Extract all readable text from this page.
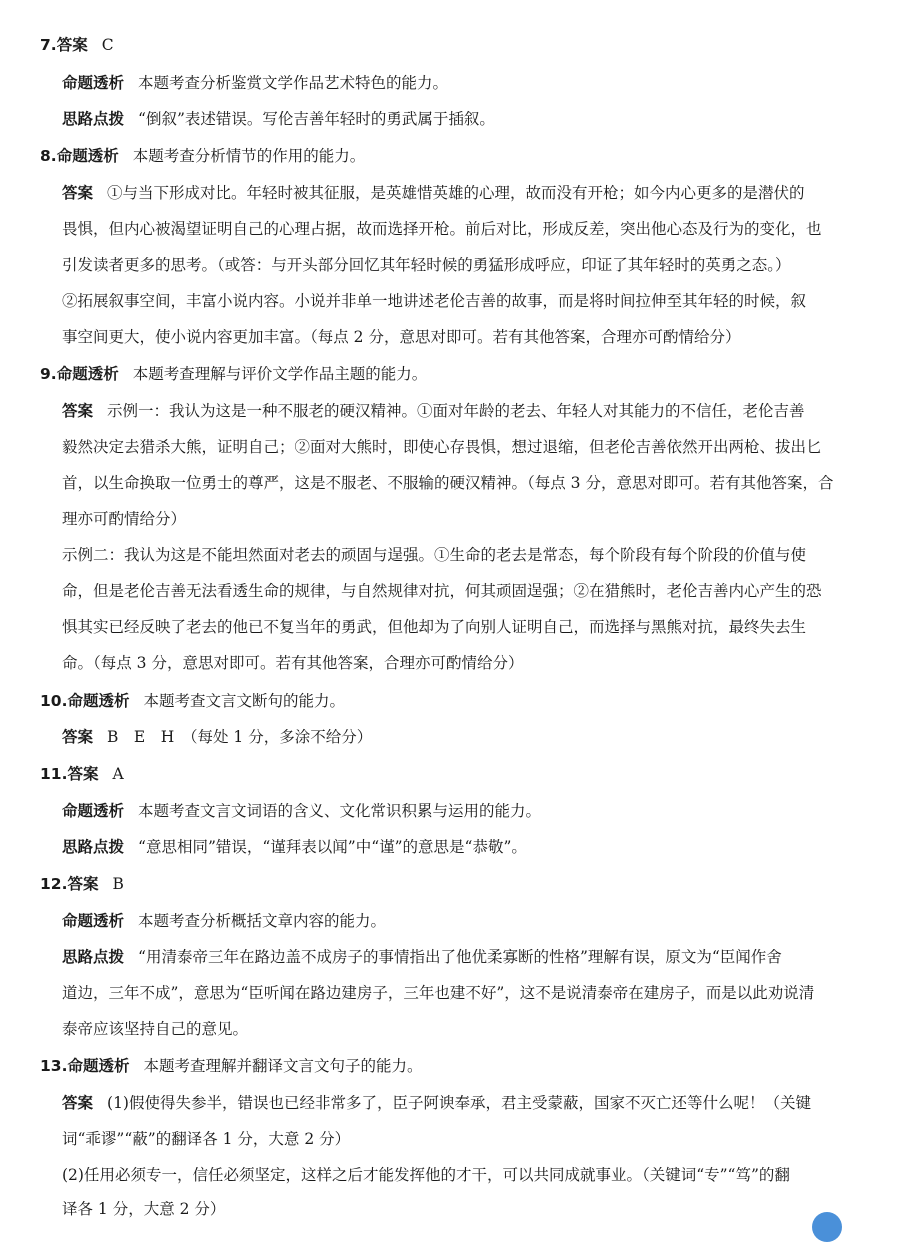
7.答案 C
命题透析 本题考查分析鉴赏文学作品艺术特色的能力。
思路点拨 “倒叙”表述错误。写伦吉善年轻时的勇武属于插叙。
8.命题透析 本题考查分析情节的作用的能力。
答案 ①与当下形成对比。年轻时被其征服，是英雄惜英雄的心理，故而没有开枪；如今内心更多的是潜伏的
畏惧，但内心被渴望证明自己的心理占据，故而选择开枪。前后对比，形成反差，突出他心态及行为的变化，也
引发读者更多的思考。（或答：与开头部分回忆其年轻时候的勇猛形成呼应，印证了其年轻时的英勇之态。）
②拓展叙事空间，丰富小说内容。小说并非单一地讲述老伦吉善的故事，而是将时间拉伸至其年轻的时候，叙
事空间更大，使小说内容更加丰富。（每点 2 分，意思对即可。若有其他答案，合理亦可酌情给分）
9.命题透析 本题考查理解与评价文学作品主题的能力。
答案 示例一：我认为这是一种不服老的硬汉精神。①面对年龄的老去、年轻人对其能力的不信任，老伦吉善
毅然决定去猎杀大熊，证明自己；②面对大熊时，即使心存畏惧，想过退缩，但老伦吉善依然开出两枪、拔出匕
首，以生命换取一位勇士的尊严，这是不服老、不服输的硬汉精神。（每点 3 分，意思对即可。若有其他答案，合
理亦可酌情给分）
示例二：我认为这是不能坦然面对老去的顽固与逞强。①生命的老去是常态，每个阶段有每个阶段的价值与使
命，但是老伦吉善无法看透生命的规律，与自然规律对抗，何其顽固逞强；②在猎熊时，老伦吉善内心产生的恐
惧其实已经反映了老去的他已不复当年的勇武，但他却为了向别人证明自己，而选择与黑熊对抗，最终失去生
命。（每点 3 分，意思对即可。若有其他答案，合理亦可酌情给分）
10.命题透析 本题考查文言文断句的能力。
答案 B　E　H　（每处 1 分，多涂不给分）
11.答案 A
命题透析 本题考查文言文词语的含义、文化常识积累与运用的能力。
思路点拨 “意思相同”错误，“谨拜表以闻”中“谨”的意思是“恭敬”。
12.答案 B
命题透析 本题考查分析概括文章内容的能力。
思路点拨 “用清泰帝三年在路边盖不成房子的事情指出了他优柔寡断的性格”理解有误，原文为“臣闻作舍
道边，三年不成”，意思为“臣听闻在路边建房子，三年也建不好”，这不是说清泰帝在建房子，而是以此劝说清
泰帝应该坚持自己的意见。
13.命题透析 本题考查理解并翻译文言文句子的能力。
答案 (1)假使得失参半，错误也已经非常多了，臣子阿谀奉承，君主受蒙蔽，国家不灭亡还等什么呢！（关键
词“乖谬”“蔽”的翻译各 1 分，大意 2 分）
(2)任用必须专一，信任必须坚定，这样之后才能发挥他的才干，可以共同成就事业。（关键词“专”“笃”的翻
译各 1 分，大意 2 分）
